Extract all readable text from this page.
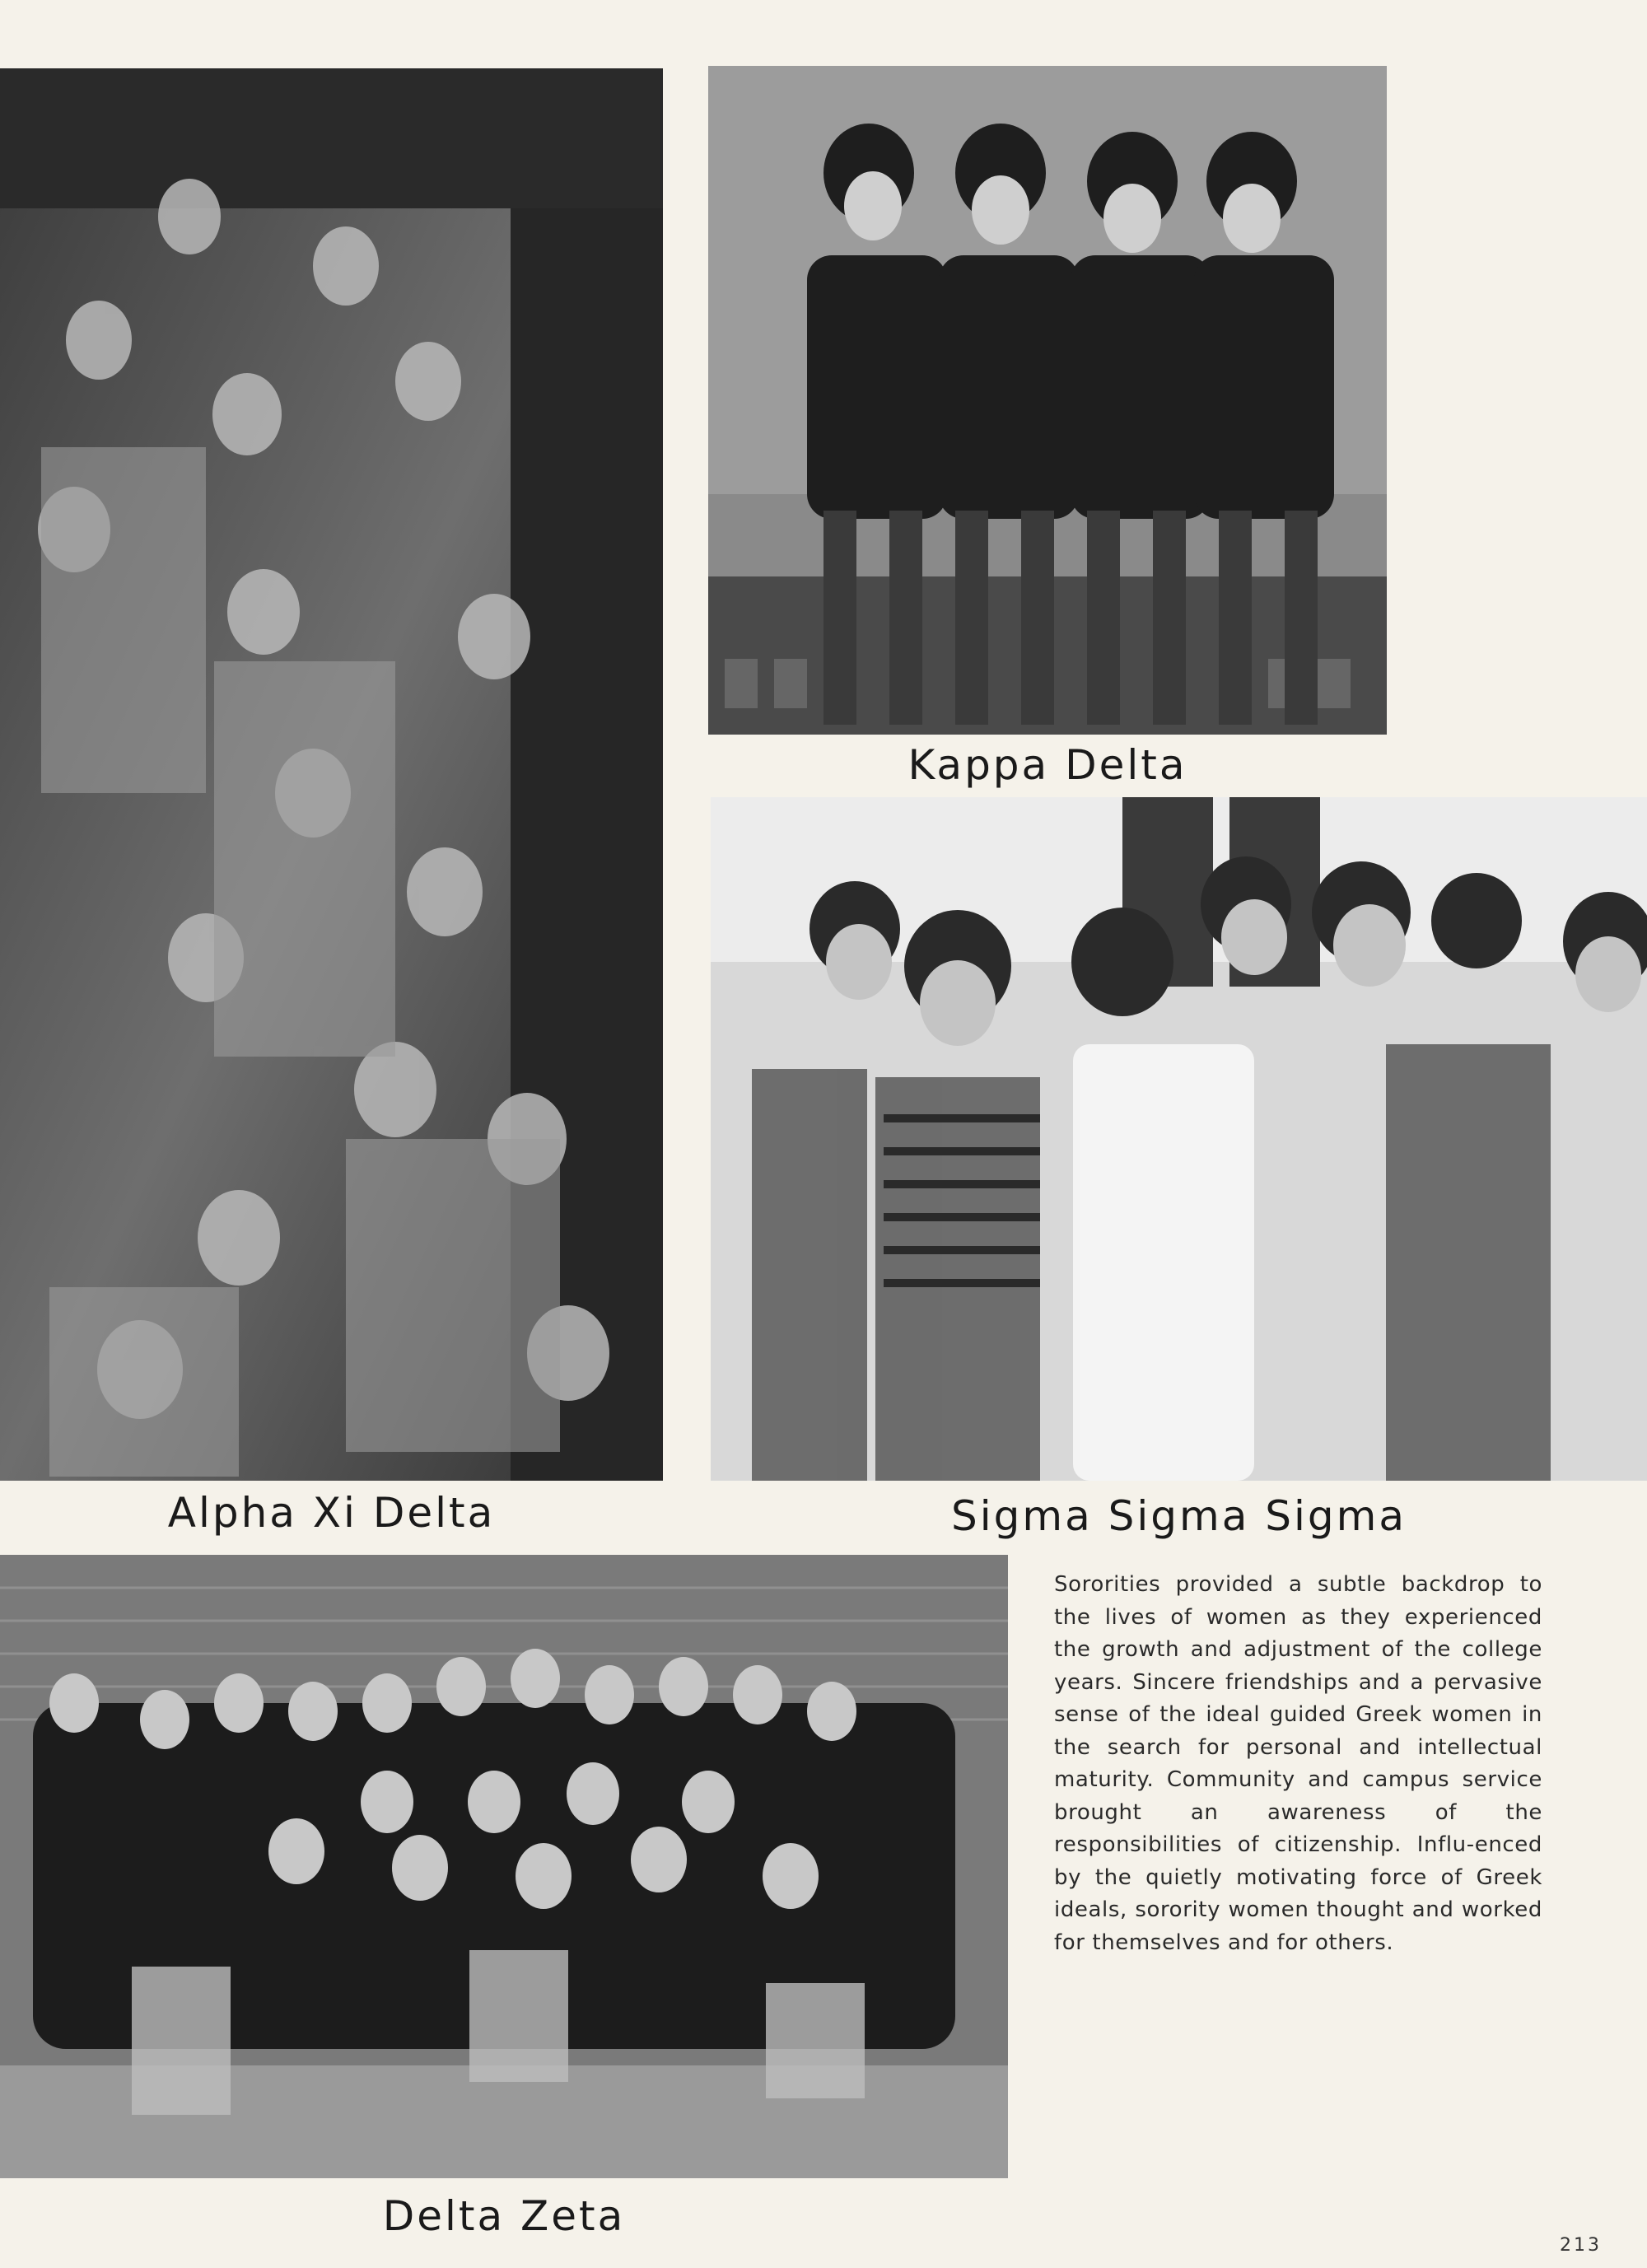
Alpha Xi Delta
Kappa Delta
Sigma Sigma Sigma
Delta Zeta

Sororities provided a subtle backdrop to the lives of women as they experienced the growth and adjustment of the college years. Sincere friendships and a pervasive sense of the ideal guided Greek women in the search for personal and intellectual maturity. Community and campus service brought an awareness of the responsibilities of citizenship. Influ-enced by the quietly motivating force of Greek ideals, sorority women thought and worked for themselves and for others.

213
